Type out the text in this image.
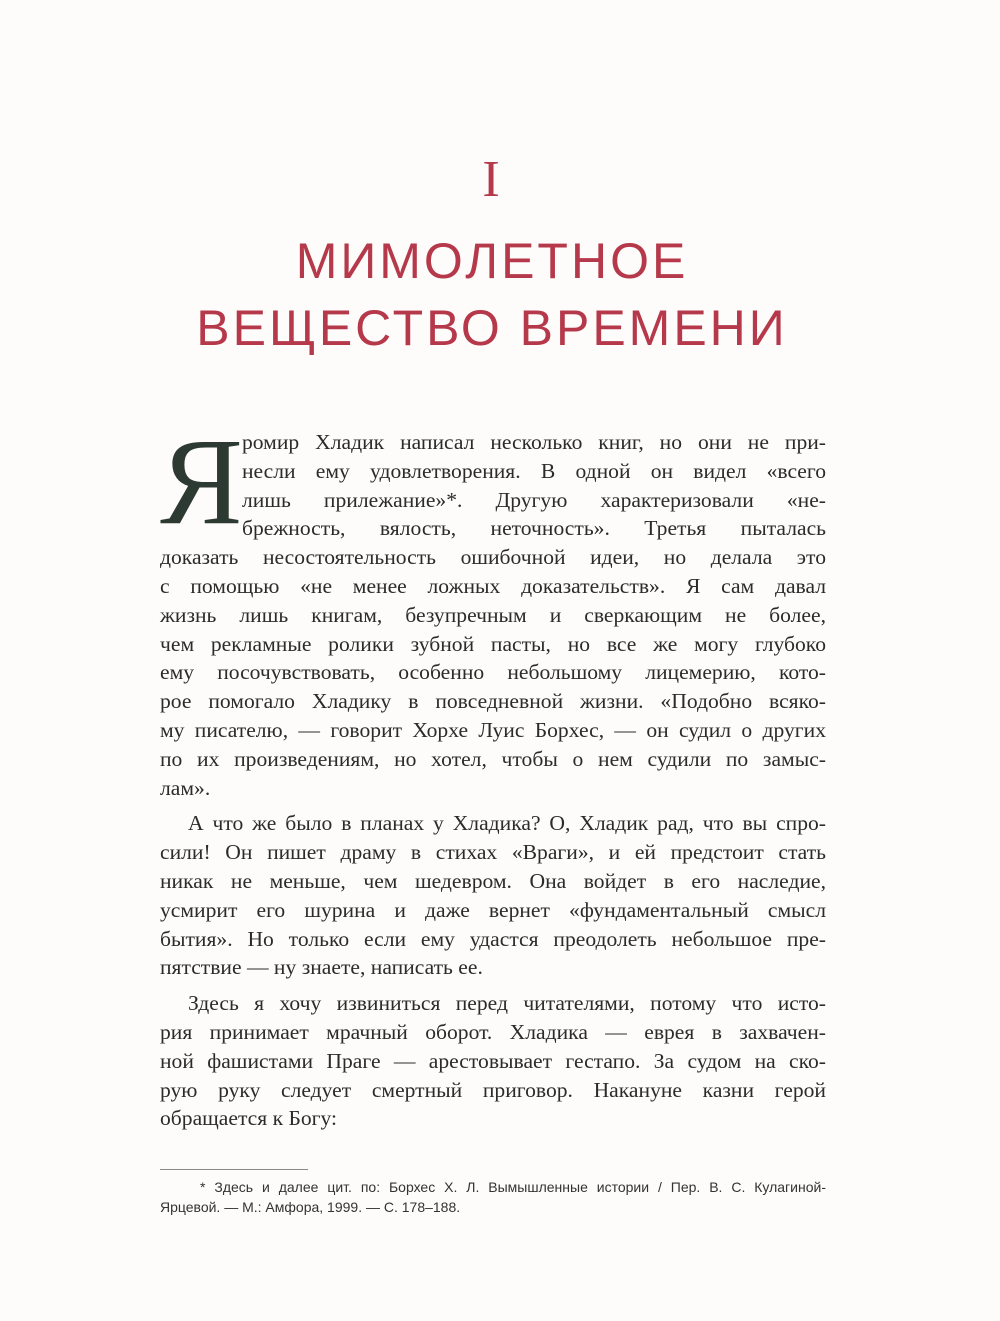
I
МИМОЛЕТНОЕ
ВЕЩЕСТВО ВРЕМЕНИ
Я ромир Хладик написал несколько книг, но они не при-
несли ему удовлетворения. В одной он видел «всего
лишь прилежание»*. Другую характеризовали «не-
брежность, вялость, неточность». Третья пыталась
доказать несостоятельность ошибочной идеи, но делала это
с помощью «не менее ложных доказательств». Я сам давал
жизнь лишь книгам, безупречным и сверкающим не более,
чем рекламные ролики зубной пасты, но все же могу глубоко
ему посочувствовать, особенно небольшому лицемерию, кото-
рое помогало Хладику в повседневной жизни. «Подобно всяко-
му писателю, — говорит Хорхе Луис Борхес, — он судил о других
по их произведениям, но хотел, чтобы о нем судили по замыс-
лам».
А что же было в планах у Хладика? О, Хладик рад, что вы спро-
сили! Он пишет драму в стихах «Враги», и ей предстоит стать
никак не меньше, чем шедевром. Она войдет в его наследие,
усмирит его шурина и даже вернет «фундаментальный смысл
бытия». Но только если ему удастся преодолеть небольшое пре-
пятствие — ну знаете, написать ее.
Здесь я хочу извиниться перед читателями, потому что исто-
рия принимает мрачный оборот. Хладика — еврея в захвачен-
ной фашистами Праге — арестовывает гестапо. За судом на ско-
рую руку следует смертный приговор. Накануне казни герой
обращается к Богу:
* Здесь и далее цит. по: Борхес Х. Л. Вымышленные истории / Пер. В. С. Кулагиной-
Ярцевой. — М.: Амфора, 1999. — С. 178–188.
